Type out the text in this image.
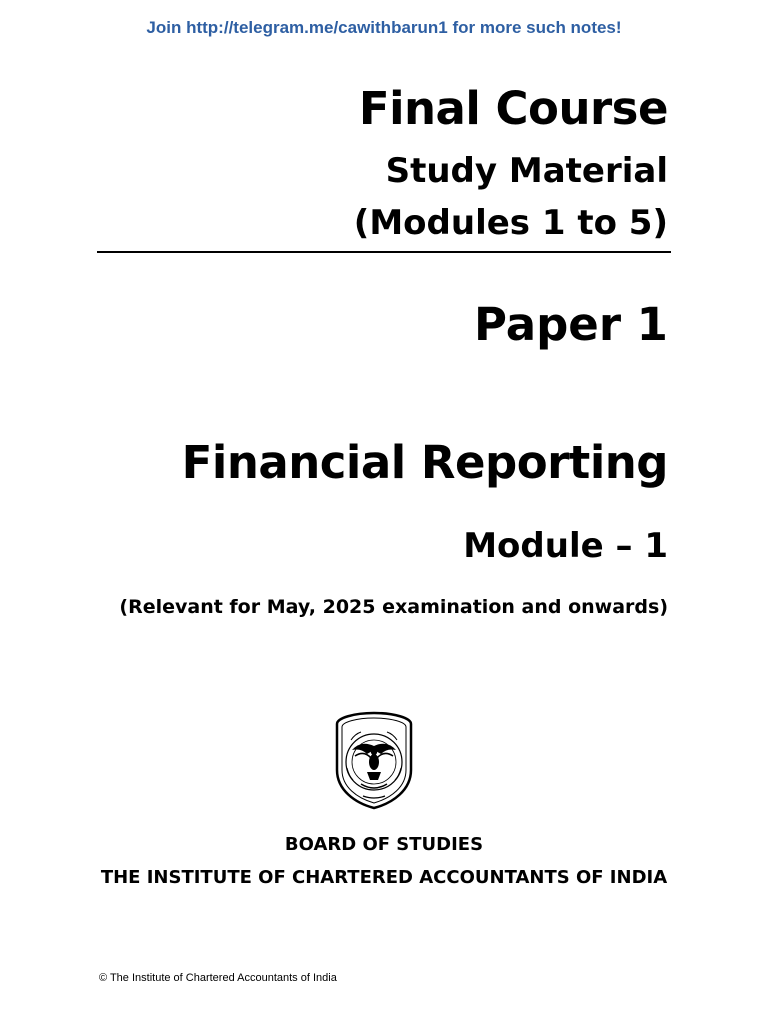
Join http://telegram.me/cawithbarun1 for more such notes!
Final Course
Study Material
(Modules 1 to 5)
Paper 1
Financial Reporting
Module – 1
(Relevant for May, 2025 examination and onwards)
BOARD OF STUDIES
THE INSTITUTE OF CHARTERED ACCOUNTANTS OF INDIA
© The Institute of Chartered Accountants of India
